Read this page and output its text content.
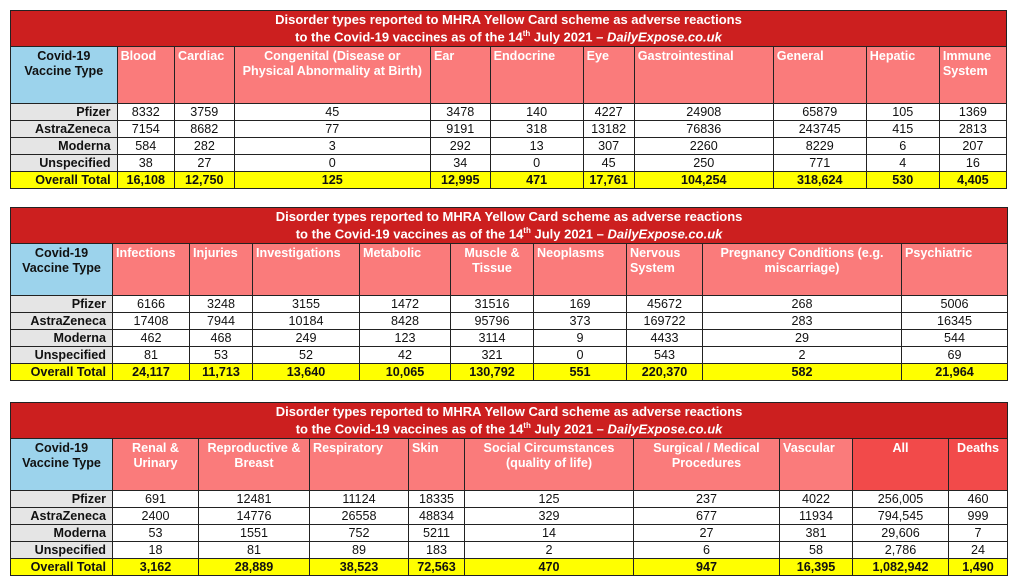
Disorder types reported to MHRA Yellow Card scheme as adverse reactions
to the Covid-19 vaccines as of the 14th July 2021 – DailyExpose.co.uk										

Covid-19 Vaccine Type	Blood	Cardiac	Congenital (Disease or Physical Abnormality at Birth)	Ear	Endocrine	Eye	Gastrointestinal	General	Hepatic	Immune System
Pfizer	8332	3759	45	3478	140	4227	24908	65879	105	1369
AstraZeneca	7154	8682	77	9191	318	13182	76836	243745	415	2813
Moderna	584	282	3	292	13	307	2260	8229	6	207
Unspecified	38	27	0	34	0	45	250	771	4	16
Overall Total	16,108	12,750	125	12,995	471	17,761	104,254	318,624	530	4,405
Disorder types reported to MHRA Yellow Card scheme as adverse reactions
to the Covid-19 vaccines as of the 14th July 2021 – DailyExpose.co.uk									

Covid-19 Vaccine Type	Infections	Injuries	Investigations	Metabolic	Muscle & Tissue	Neoplasms	Nervous System	Pregnancy Conditions (e.g. miscarriage)	Psychiatric
Pfizer	6166	3248	3155	1472	31516	169	45672	268	5006
AstraZeneca	17408	7944	10184	8428	95796	373	169722	283	16345
Moderna	462	468	249	123	3114	9	4433	29	544
Unspecified	81	53	52	42	321	0	543	2	69
Overall Total	24,117	11,713	13,640	10,065	130,792	551	220,370	582	21,964
Disorder types reported to MHRA Yellow Card scheme as adverse reactions
to the Covid-19 vaccines as of the 14th July 2021 – DailyExpose.co.uk									

Covid-19 Vaccine Type	Renal & Urinary	Reproductive & Breast	Respiratory	Skin	Social Circumstances (quality of life)	Surgical / Medical Procedures	Vascular	All	Deaths
Pfizer	691	12481	11124	18335	125	237	4022	256,005	460
AstraZeneca	2400	14776	26558	48834	329	677	11934	794,545	999
Moderna	53	1551	752	5211	14	27	381	29,606	7
Unspecified	18	81	89	183	2	6	58	2,786	24
Overall Total	3,162	28,889	38,523	72,563	470	947	16,395	1,082,942	1,490
